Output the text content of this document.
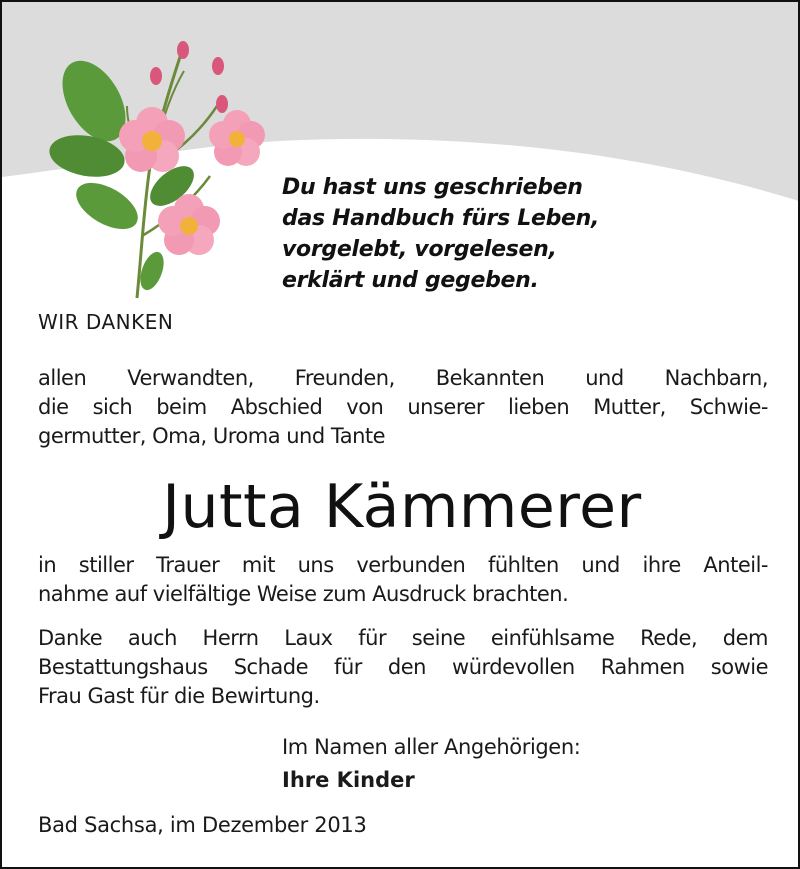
Du hast uns geschrieben
das Handbuch fürs Leben,
vorgelebt, vorgelesen,
erklärt und gegeben.

WIR DANKEN

allen Verwandten, Freunden, Bekannten und Nachbarn,
die sich beim Abschied von unserer lieben Mutter, Schwie-
germutter, Oma, Uroma und Tante

Jutta Kämmerer

in stiller Trauer mit uns verbunden fühlten und ihre Anteil-
nahme auf vielfältige Weise zum Ausdruck brachten.

Danke auch Herrn Laux für seine einfühlsame Rede, dem
Bestattungshaus Schade für den würdevollen Rahmen sowie
Frau Gast für die Bewirtung.

Im Namen aller Angehörigen:
Ihre Kinder
Bad Sachsa, im Dezember 2013
